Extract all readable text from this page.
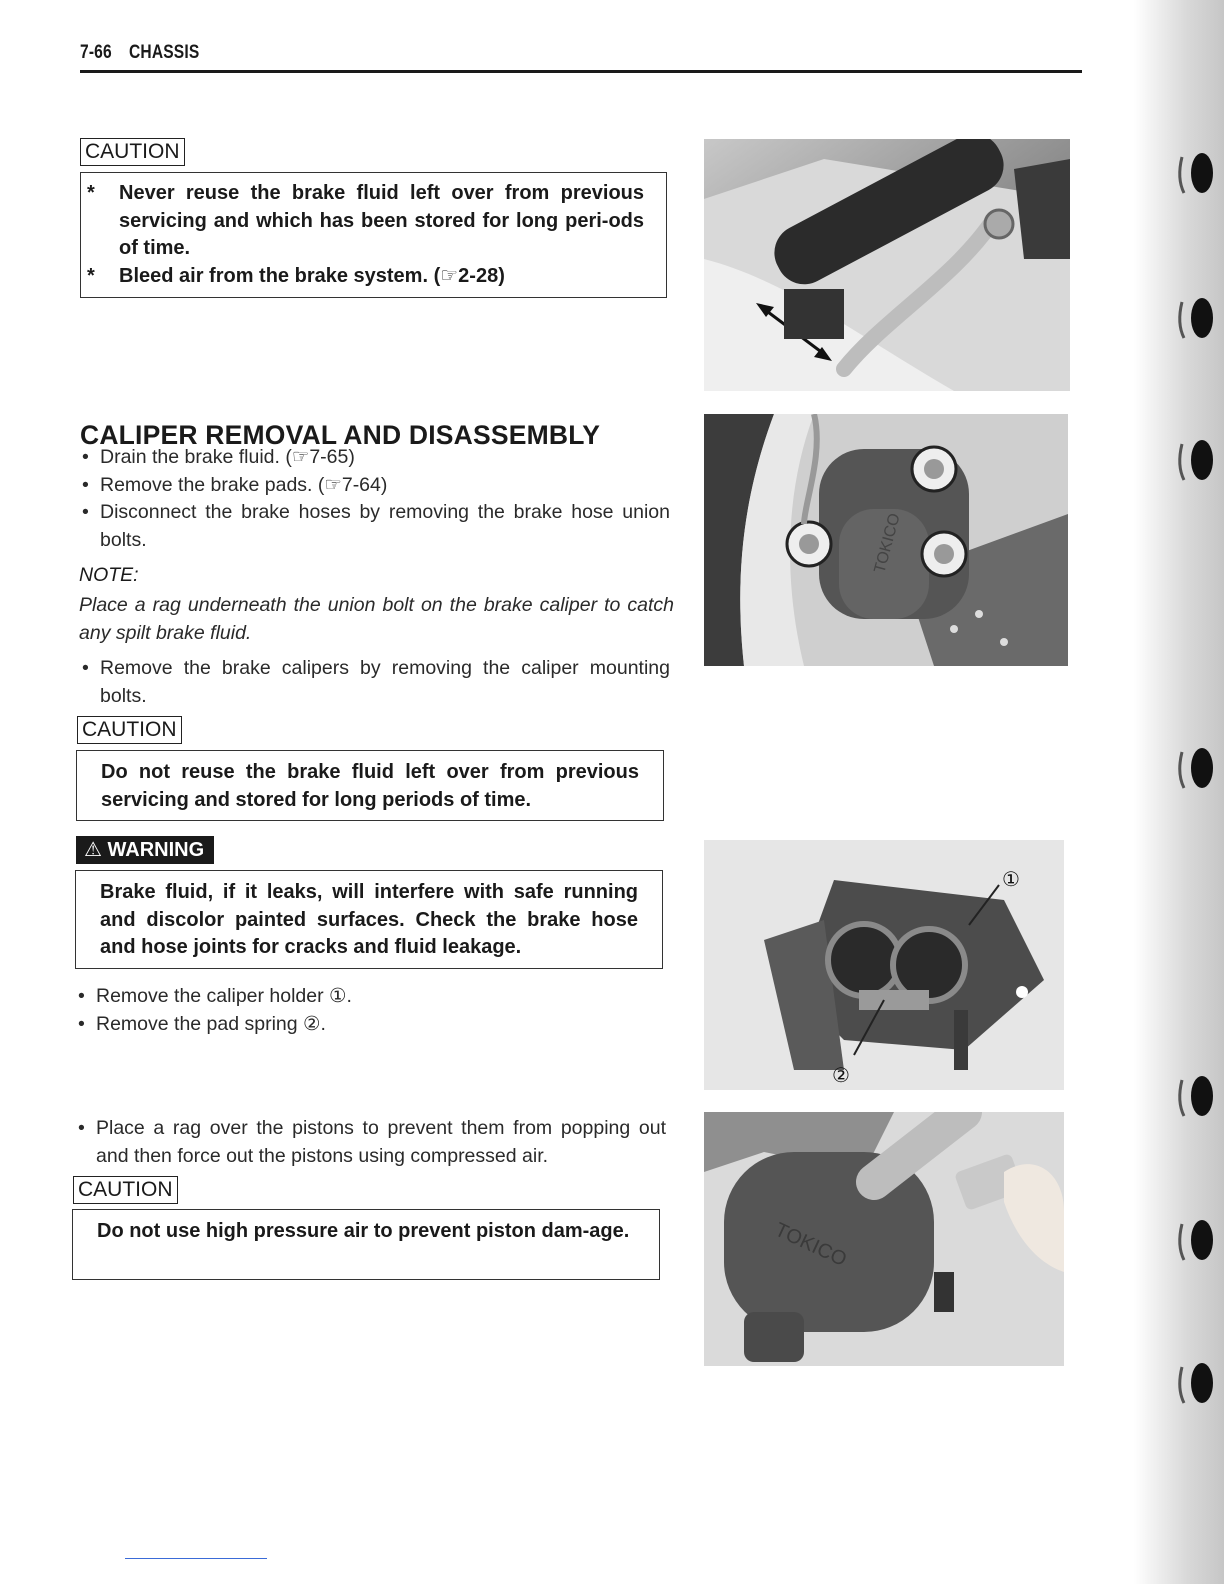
7-66 CHASSIS
CAUTION

* Never reuse the brake fluid left over from previous servicing and which has been stored for long peri-ods of time.

* Bleed air from the brake system. (☞2-28)

CALIPER REMOVAL AND DISASSEMBLY
• Drain the brake fluid. (☞7-65)
• Remove the brake pads. (☞7-64)
• Disconnect the brake hoses by removing the brake hose union bolts.
NOTE:
Place a rag underneath the union bolt on the brake caliper to catch any spilt brake fluid.
• Remove the brake calipers by removing the caliper mounting bolts.
CAUTION

Do not reuse the brake fluid left over from previous servicing and stored for long periods of time.

⚠ WARNING

Brake fluid, if it leaks, will interfere with safe running and discolor painted surfaces. Check the brake hose and hose joints for cracks and fluid leakage.

• Remove the caliper holder ①.
• Remove the pad spring ②.
• Place a rag over the pistons to prevent them from popping out and then force out the pistons using compressed air.
CAUTION

Do not use high pressure air to prevent piston dam-age.

TOKICO
①
②
TOKICO
